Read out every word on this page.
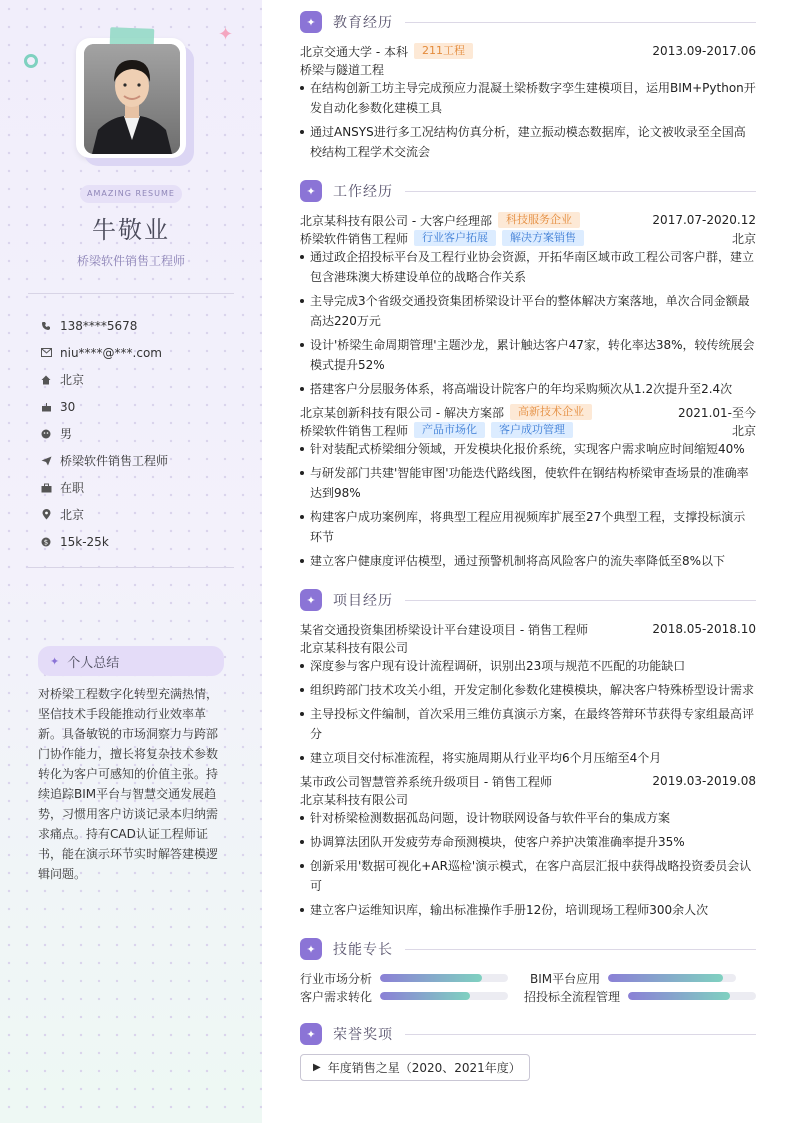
✦
AMAZING RESUME
牛敬业
桥梁软件销售工程师
138****5678
niu****@***.com
北京
30
男
桥梁软件销售工程师
在职
北京
$ 15k-25k
✦ 个人总结
对桥梁工程数字化转型充满热情，坚信技术手段能推动行业效率革新。具备敏锐的市场洞察力与跨部门协作能力，擅长将复杂技术参数转化为客户可感知的价值主张。持续追踪BIM平台与智慧交通发展趋势，习惯用客户访谈记录本归纳需求痛点。持有CAD认证工程师证书，能在演示环节实时解答建模逻辑问题。
✦	教育经历
北京交通大学 - 本科	211工程	2013.09-2017.06
桥梁与隧道工程
在结构创新工坊主导完成预应力混凝土梁桥数字孪生建模项目，运用BIM+Python开发自动化参数化建模工具
通过ANSYS进行多工况结构仿真分析，建立振动模态数据库，论文被收录至全国高校结构工程学术交流会
✦	工作经历
北京某科技有限公司 - 大客户经理部	科技服务企业	2017.07-2020.12
桥梁软件销售工程师	行业客户拓展	解决方案销售	北京
通过政企招投标平台及工程行业协会资源，开拓华南区域市政工程公司客户群，建立包含港珠澳大桥建设单位的战略合作关系
主导完成3个省级交通投资集团桥梁设计平台的整体解决方案落地，单次合同金额最高达220万元
设计'桥梁生命周期管理'主题沙龙，累计触达客户47家，转化率达38%，较传统展会模式提升52%
搭建客户分层服务体系，将高端设计院客户的年均采购频次从1.2次提升至2.4次
北京某创新科技有限公司 - 解决方案部	高新技术企业	2021.01-至今
桥梁软件销售工程师	产品市场化	客户成功管理	北京
针对装配式桥梁细分领域，开发模块化报价系统，实现客户需求响应时间缩短40%
与研发部门共建'智能审图'功能迭代路线图，使软件在钢结构桥梁审查场景的准确率达到98%
构建客户成功案例库，将典型工程应用视频库扩展至27个典型工程，支撑投标演示环节
建立客户健康度评估模型，通过预警机制将高风险客户的流失率降低至8%以下
✦	项目经历
某省交通投资集团桥梁设计平台建设项目 - 销售工程师	2018.05-2018.10
北京某科技有限公司
深度参与客户现有设计流程调研，识别出23项与规范不匹配的功能缺口
组织跨部门技术攻关小组，开发定制化参数化建模模块，解决客户特殊桥型设计需求
主导投标文件编制，首次采用三维仿真演示方案，在最终答辩环节获得专家组最高评分
建立项目交付标准流程，将实施周期从行业平均6个月压缩至4个月
某市政公司智慧管养系统升级项目 - 销售工程师	2019.03-2019.08
北京某科技有限公司
针对桥梁检测数据孤岛问题，设计物联网设备与软件平台的集成方案
协调算法团队开发疲劳寿命预测模块，使客户养护决策准确率提升35%
创新采用'数据可视化+AR巡检'演示模式，在客户高层汇报中获得战略投资委员会认可
建立客户运维知识库，输出标准操作手册12份，培训现场工程师300余人次
✦	技能专长
行业市场分析	BIM平台应用
客户需求转化	招投标全流程管理
✦	荣誉奖项
▶ 年度销售之星（2020、2021年度）
